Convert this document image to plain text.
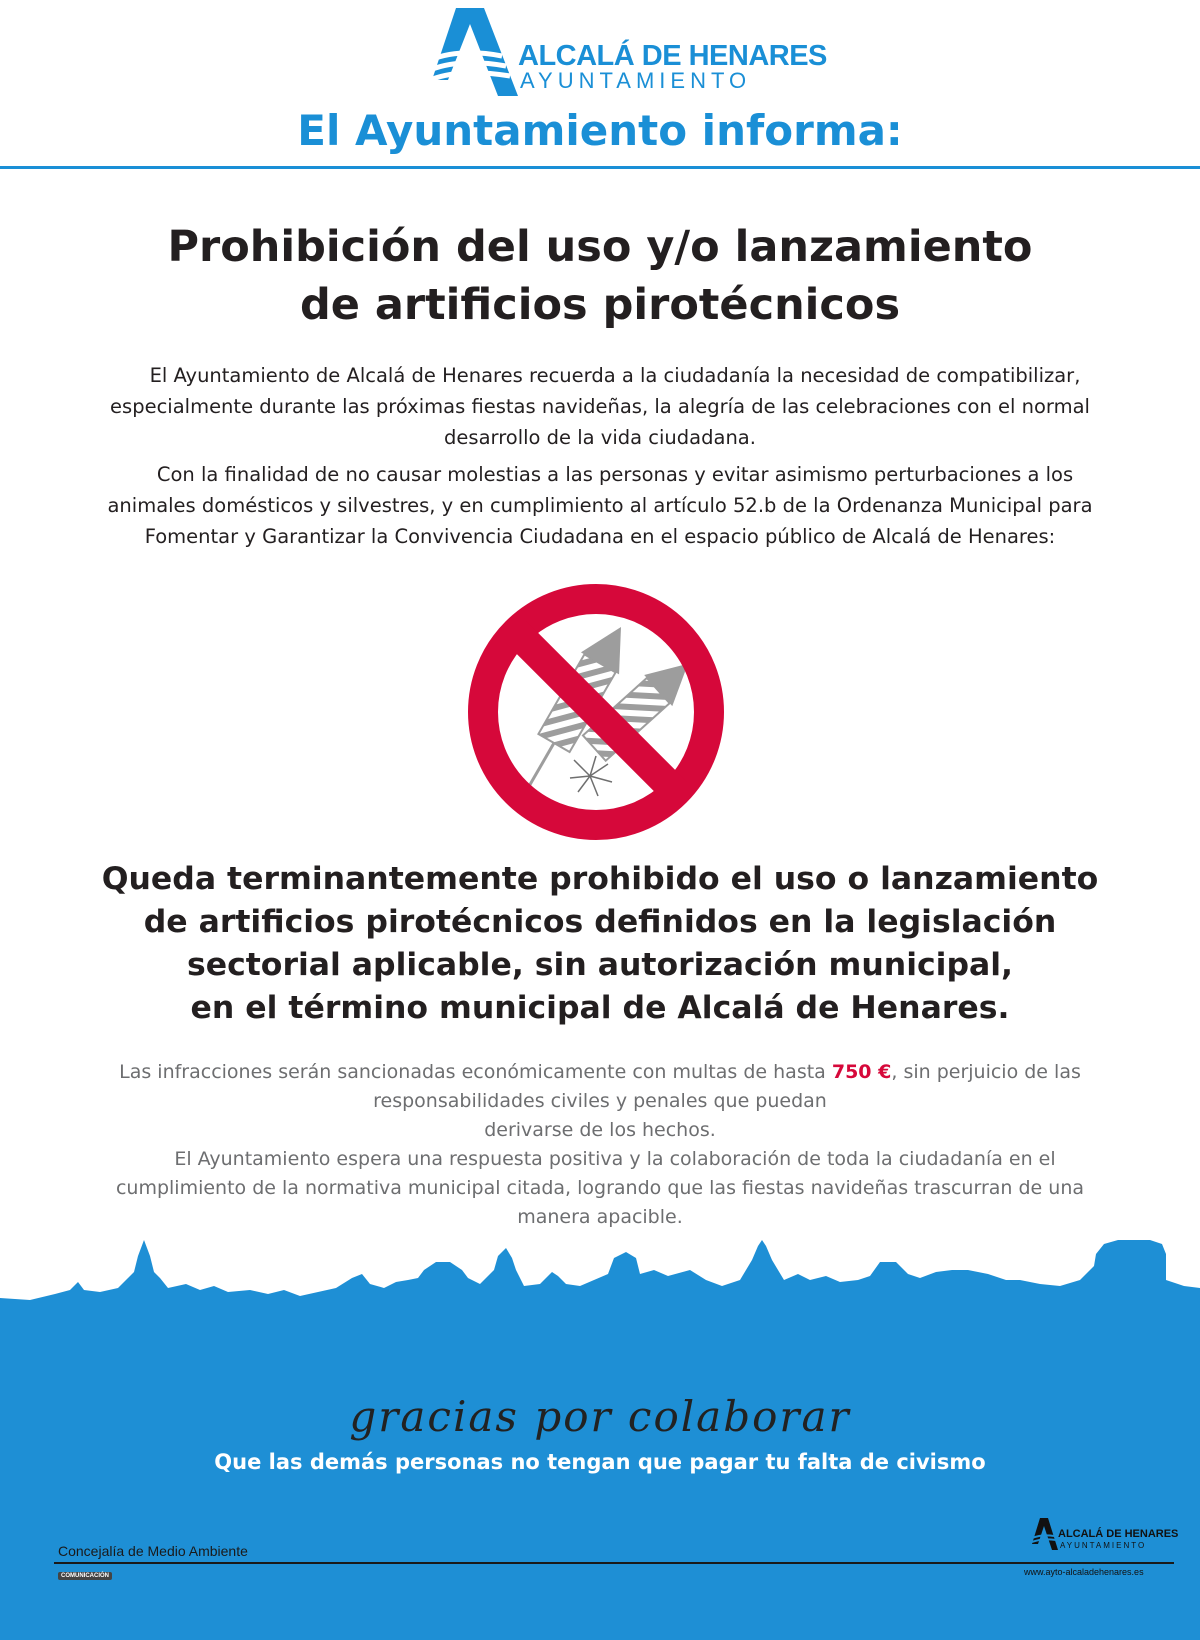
ALCALÁ DE HENARES
AYUNTAMIENTO
El Ayuntamiento informa:
Prohibición del uso y/o lanzamiento
de artificios pirotécnicos

El Ayuntamiento de Alcalá de Henares recuerda a la ciudadanía la necesidad de compatibilizar, especialmente durante las próximas fiestas navideñas, la alegría de las celebraciones con el normal desarrollo de la vida ciudadana.

Con la finalidad de no causar molestias a las personas y evitar asimismo perturbaciones a los animales domésticos y silvestres, y en cumplimiento al artículo 52.b de la Ordenanza Municipal para Fomentar y Garantizar la Convivencia Ciudadana en el espacio público de Alcalá de Henares:

Queda terminantemente prohibido el uso o lanzamiento
de artificios pirotécnicos definidos en la legislación
sectorial aplicable, sin autorización municipal,
en el término municipal de Alcalá de Henares.

Las infracciones serán sancionadas económicamente con multas de hasta 750 €, sin perjuicio de las responsabilidades civiles y penales que puedan
derivarse de los hechos.

El Ayuntamiento espera una respuesta positiva y la colaboración de toda la ciudadanía en el cumplimiento de la normativa municipal citada, logrando que las fiestas navideñas trascurran de una manera apacible.

gracias por colaborar
Que las demás personas no tengan que pagar tu falta de civismo
Concejalía de Medio Ambiente
COMUNICACIÓN
ALCALÁ DE HENARES
AYUNTAMIENTO
www.ayto-alcaladehenares.es
